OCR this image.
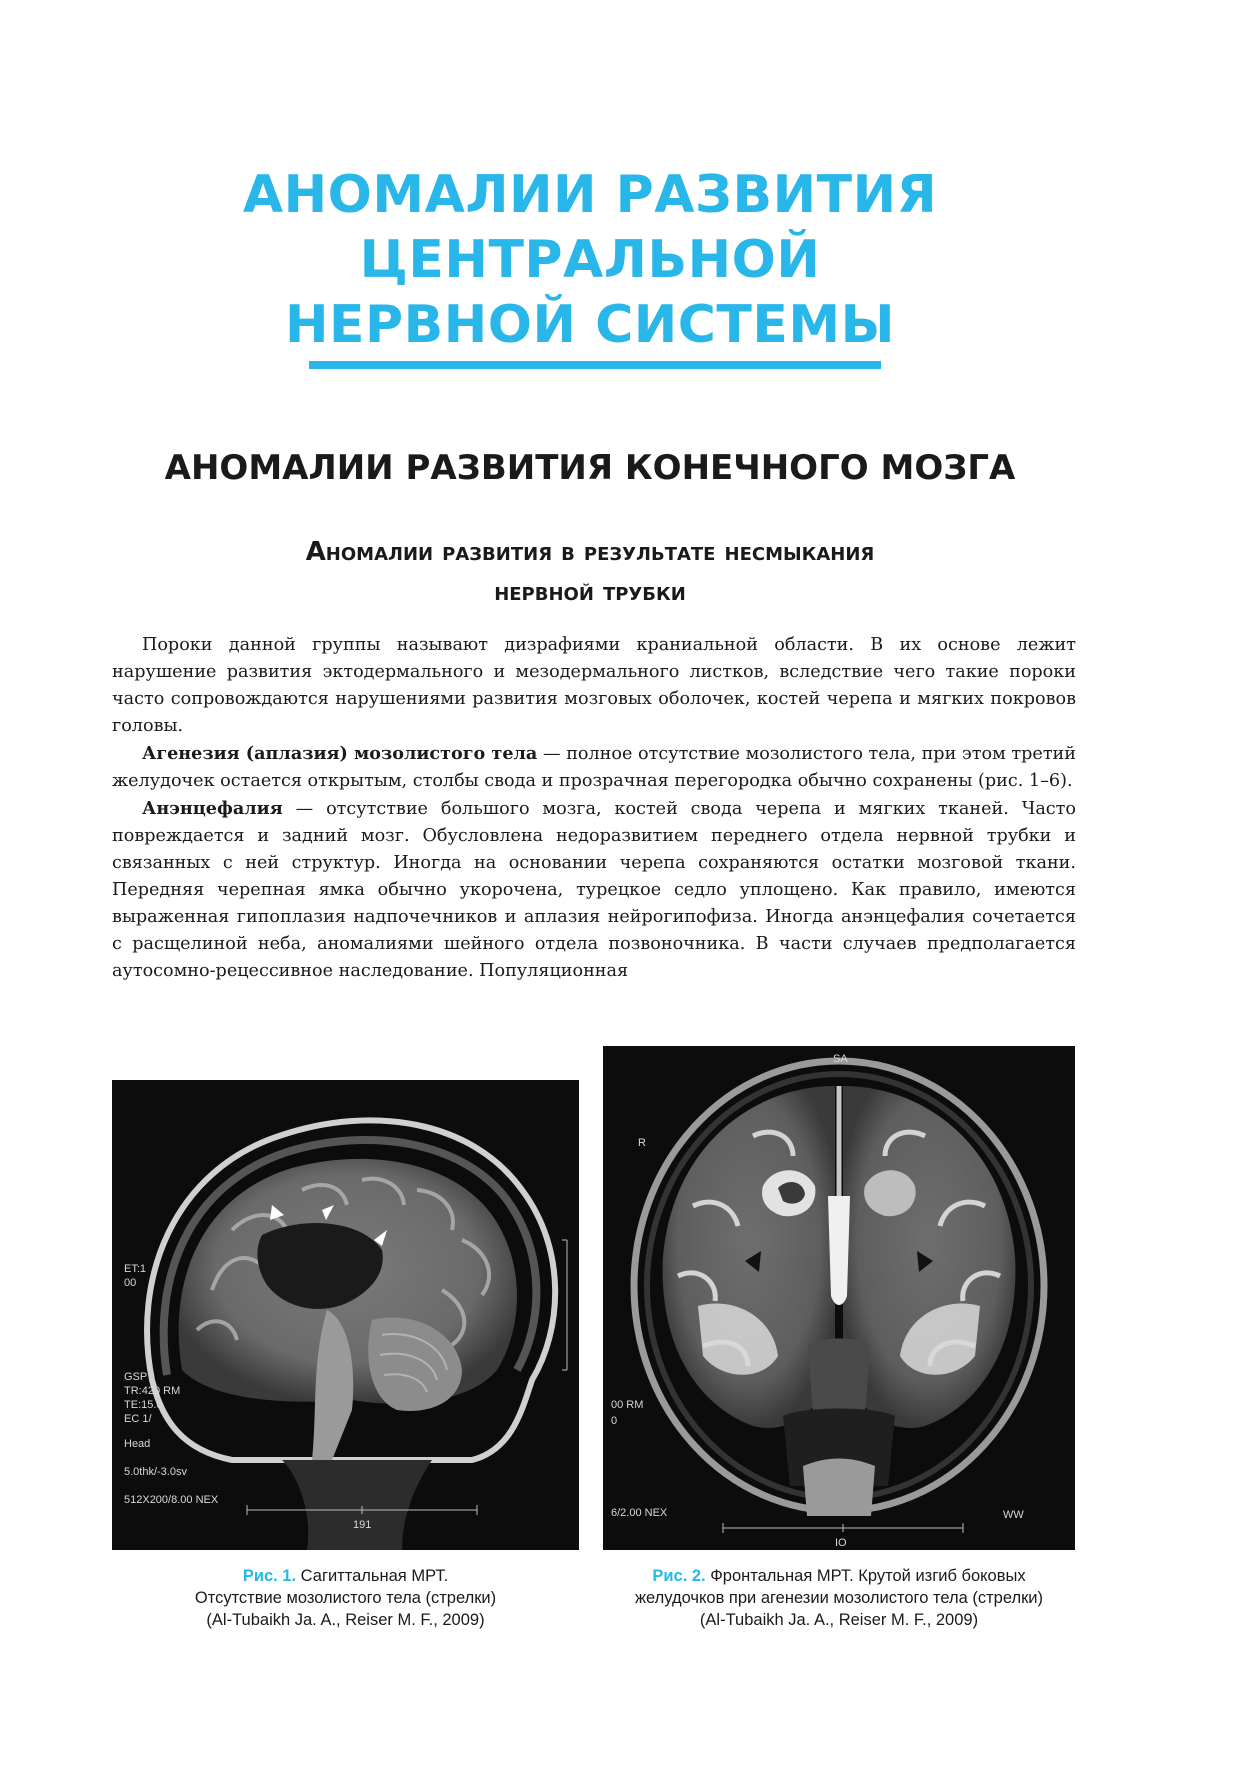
АНОМАЛИИ РАЗВИТИЯ
ЦЕНТРАЛЬНОЙ
НЕРВНОЙ СИСТЕМЫ
АНОМАЛИИ РАЗВИТИЯ КОНЕЧНОГО МОЗГА
Аномалии развития в результате несмыкания
нервной трубки

Пороки данной группы называют дизрафиями краниальной области. В их основе лежит нарушение развития эктодермального и мезодермального листков, вследствие чего такие пороки часто сопровождаются нарушениями развития мозговых оболочек, костей черепа и мягких покровов головы.

Агенезия (аплазия) мозолистого тела — полное отсутствие мозолистого тела, при этом третий желудочек остается открытым, столбы свода и прозрачная перегородка обычно сохранены (рис. 1–6).

Анэнцефалия — отсутствие большого мозга, костей свода черепа и мягких тканей. Часто повреждается и задний мозг. Обусловлена недоразвитием переднего отдела нервной трубки и связанных с ней структур. Иногда на основании черепа сохраняются остатки мозговой ткани. Передняя черепная ямка обычно укорочена, турецкое седло уплощено. Как правило, имеются выраженная гипоплазия надпочечников и аплазия нейрогипофиза. Иногда анэнцефалия сочетается с расщелиной неба, аномалиями шейного отдела позвоночника. В части случаев предполагается аутосомно-рецессивное наследование. Популяционная

ET:1
00
GSP
TR:420 RM
TE:15.0
EC 1/
Head
5.0thk/-3.0sv
512X200/8.00 NEX
191
SA
R
00 RM
0
6/2.00 NEX	WW
IO
Рис. 1. Сагиттальная МРТ.
Отсутствие мозолистого тела (стрелки)
(Al-Tubaikh Ja. A., Reiser M. F., 2009)
Рис. 2. Фронтальная МРТ. Крутой изгиб боковых
желудочков при агенезии мозолистого тела (стрелки)
(Al-Tubaikh Ja. A., Reiser M. F., 2009)
